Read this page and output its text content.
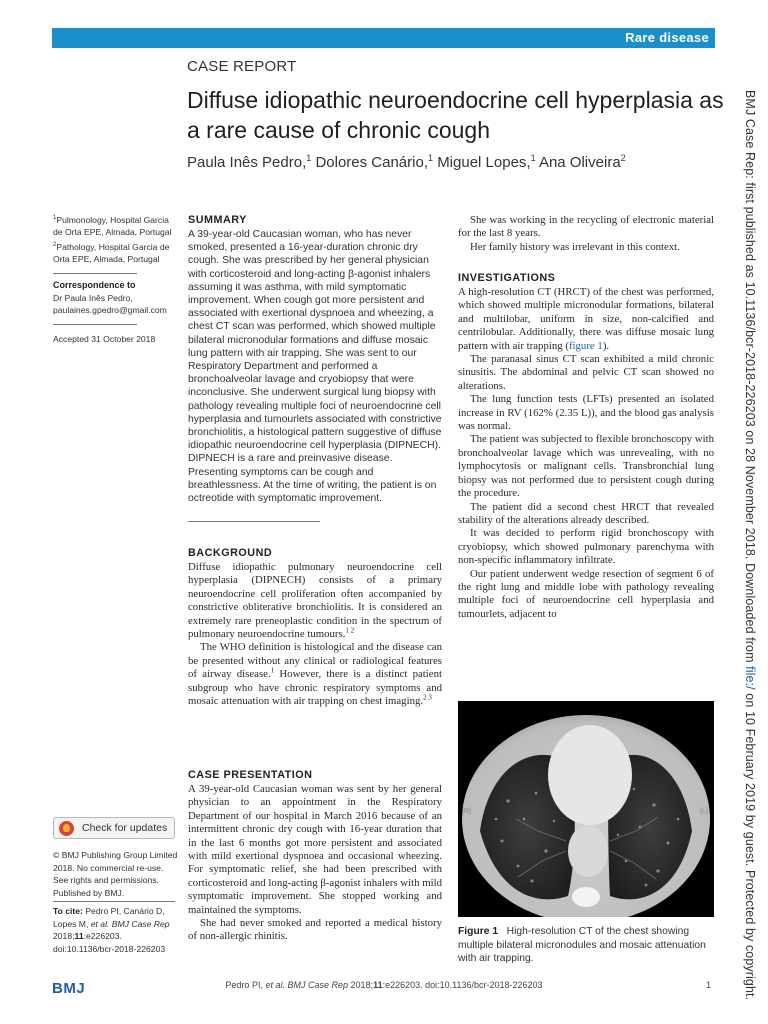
Rare disease
CASE REPORT
Diffuse idiopathic neuroendocrine cell hyperplasia as a rare cause of chronic cough
Paula Inês Pedro,$^1$ Dolores Canário,$^1$ Miguel Lopes,$^1$ Ana Oliveira$^2$
$^1$Pulmonology, Hospital Garcia de Orta EPE, Almada, Portugal
$^2$Pathology, Hospital Garcia de Orta EPE, Almada, Portugal
Correspondence to
Dr Paula Inês Pedro,
paulaines.gpedro@gmail.com
Accepted 31 October 2018
Check for updates
© BMJ Publishing Group Limited 2018. No commercial re-use. See rights and permissions. Published by BMJ.
To cite: Pedro PI, Canário D, Lopes M, et al. BMJ Case Rep 2018;11:e226203. doi:10.1136/bcr-2018-226203
BMJ
SUMMARY
A 39-year-old Caucasian woman, who has never smoked, presented a 16-year-duration chronic dry cough. She was prescribed by her general physician with corticosteroid and long-acting β-agonist inhalers assuming it was asthma, with mild symptomatic improvement. When cough got more persistent and associated with exertional dyspnoea and wheezing, a chest CT scan was performed, which showed multiple bilateral micronodular formations and diffuse mosaic lung pattern with air trapping. She was sent to our Respiratory Department and performed a bronchoalveolar lavage and cryobiopsy that were inconclusive. She underwent surgical lung biopsy with pathology revealing multiple foci of neuroendocrine cell hyperplasia and tumourlets associated with constrictive bronchiolitis, a histological pattern suggestive of diffuse idiopathic neuroendocrine cell hyperplasia (DIPNECH). DIPNECH is a rare and preinvasive disease. Presenting symptoms can be cough and breathlessness. At the time of writing, the patient is on octreotide with symptomatic improvement.
BACKGROUND

Diffuse idiopathic pulmonary neuroendocrine cell hyperplasia (DIPNECH) consists of a primary neuroendocrine cell proliferation often accompanied by constrictive obliterative bronchiolitis. It is considered an extremely rare preneoplastic condition in the spectrum of pulmonary neuroendocrine tumours.$^{1 2}$

The WHO definition is histological and the disease can be presented without any clinical or radiological features of airway disease.$^1$ However, there is a distinct patient subgroup who have chronic respiratory symptoms and mosaic attenuation with air trapping on chest imaging.$^{2 3}$

CASE PRESENTATION

A 39-year-old Caucasian woman was sent by her general physician to an appointment in the Respiratory Department of our hospital in March 2016 because of an intermittent chronic dry cough with 16-year duration that in the last 6 months got more persistent and associated with mild exertional dyspnoea and occasional wheezing. For symptomatic relief, she had been prescribed with corticosteroid and long-acting β-agonist inhalers with mild symptomatic improvement. She stopped working and maintained the symptoms.

She had never smoked and reported a medical history of non-allergic rhinitis.

She was working in the recycling of electronic material for the last 8 years.

Her family history was irrelevant in this context.

INVESTIGATIONS

A high-resolution CT (HRCT) of the chest was performed, which showed multiple micronodular formations, bilateral and multilobar, uniform in size, non-calcified and centrilobular. Additionally, there was diffuse mosaic lung pattern with air trapping (figure 1).

The paranasal sinus CT scan exhibited a mild chronic sinusitis. The abdominal and pelvic CT scan showed no alterations.

The lung function tests (LFTs) presented an isolated increase in RV (162% (2.35 L)), and the blood gas analysis was normal.

The patient was subjected to flexible bronchoscopy with bronchoalveolar lavage which was unrevealing, with no lymphocytosis or malignant cells. Transbronchial lung biopsy was not performed due to persistent cough during the procedure.

The patient did a second chest HRCT that revealed stability of the alterations already described.

It was decided to perform rigid bronchoscopy with cryobiopsy, which showed pulmonary parenchyma with non-specific inflammatory infiltrate.

Our patient underwent wedge resection of segment 6 of the right lung and middle lobe with pathology revealing multiple foci of neuroendocrine cell hyperplasia and tumourlets, adjacent to

[R]	[L]
Figure 1 High-resolution CT of the chest showing multiple bilateral micronodules and mosaic attenuation with air trapping.
Pedro PI, et al. BMJ Case Rep 2018;11:e226203. doi:10.1136/bcr-2018-226203	1
BMJ Case Rep: first published as 10.1136/bcr-2018-226203 on 28 November 2018. Downloaded from file:/ on 10 February 2019 by guest. Protected by copyright.
